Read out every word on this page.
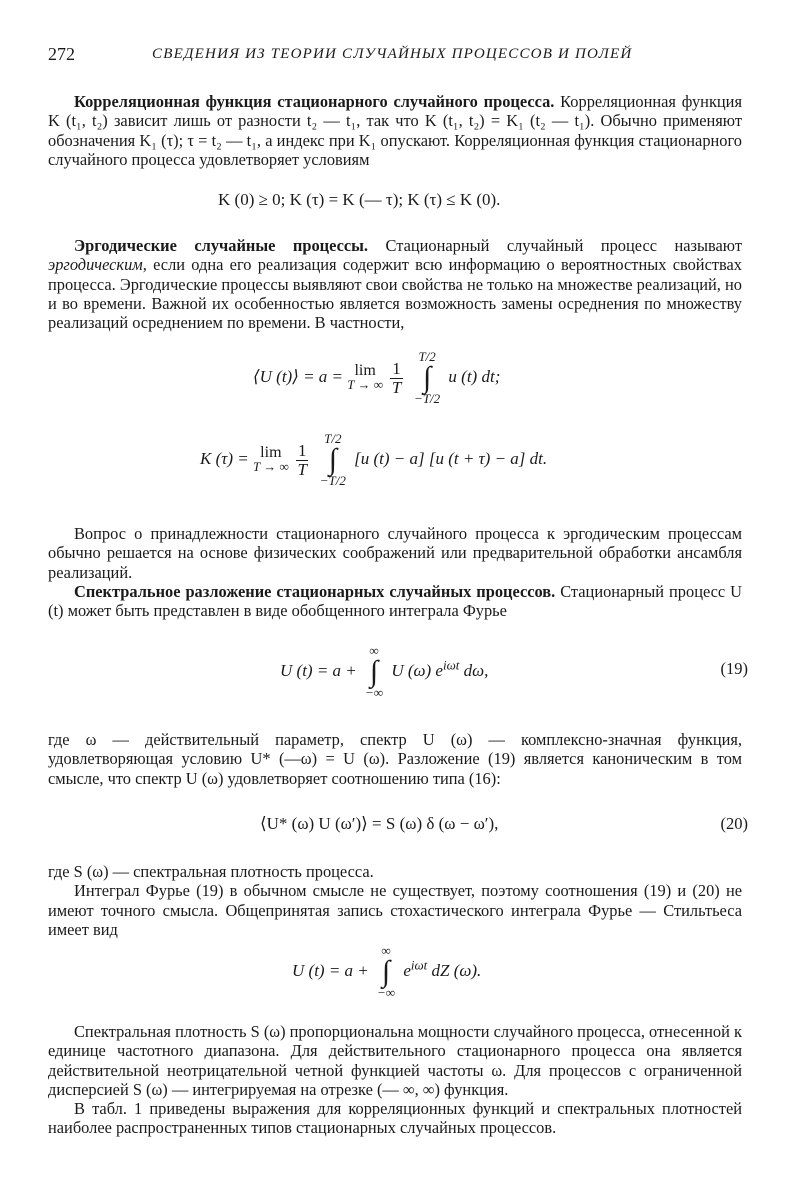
272	СВЕДЕНИЯ ИЗ ТЕОРИИ СЛУЧАЙНЫХ ПРОЦЕССОВ И ПОЛЕЙ

Корреляционная функция стационарного случайного процесса. Корреляционная функция K (t₁, t₂) зависит лишь от разности t₂ — t₁, так что K (t₁, t₂) = K₁ (t₂ — t₁). Обычно применяют обозначения K₁ (τ); τ = t₂ — t₁, а индекс при K₁ опускают. Корреляционная функция стационарного случайного процесса удовлетворяет условиям

K (0) ≥ 0; K (τ) = K (— τ); K (τ) ≤ K (0).

Эргодические случайные процессы. Стационарный случайный процесс называют эргодическим, если одна его реализация содержит всю информацию о вероятностных свойствах процесса. Эргодические процессы выявляют свои свойства не только на множестве реализаций, но и во времени. Важной их особенностью является возможность замены осреднения по множеству реализаций осреднением по времени. В частности,

⟨U (t)⟩ = a = lim
T → ∞
$\frac{1}{T}$

T/2
∫
−T/2
u (t) dt;
K (τ) = lim
T → ∞
$\frac{1}{T}$

T/2
∫
−T/2
[u (t) − a] [u (t + τ) − a] dt.

Вопрос о принадлежности стационарного случайного процесса к эргодическим процессам обычно решается на основе физических соображений или предварительной обработки ансамбля реализаций.

Спектральное разложение стационарных случайных процессов. Стационарный процесс U (t) может быть представлен в виде обобщенного интеграла Фурье

U (t) = a +
∞
∫
−∞
U (ω) $e^{i\omega t}$ dω,	(19)

где ω — действительный параметр, спектр U (ω) — комплексно-значная функция, удовлетворяющая условию U* (—ω) = U (ω). Разложение (19) является каноническим в том смысле, что спектр U (ω) удовлетворяет соотношению типа (16):

⟨U* (ω) U (ω′)⟩ = S (ω) δ (ω − ω′),	(20)

где S (ω) — спектральная плотность процесса.

Интеграл Фурье (19) в обычном смысле не существует, поэтому соотношения (19) и (20) не имеют точного смысла. Общепринятая запись стохастического интеграла Фурье — Стильтьеса имеет вид

U (t) = a +
∞
∫
−∞
$e^{i\omega t}$ dZ (ω).

Спектральная плотность S (ω) пропорциональна мощности случайного процесса, отнесенной к единице частотного диапазона. Для действительного стационарного процесса она является действительной неотрицательной четной функцией частоты ω. Для процессов с ограниченной дисперсией S (ω) — интегрируемая на отрезке (— ∞, ∞) функция.

В табл. 1 приведены выражения для корреляционных функций и спектральных плотностей наиболее распространенных типов стационарных случайных процессов.
